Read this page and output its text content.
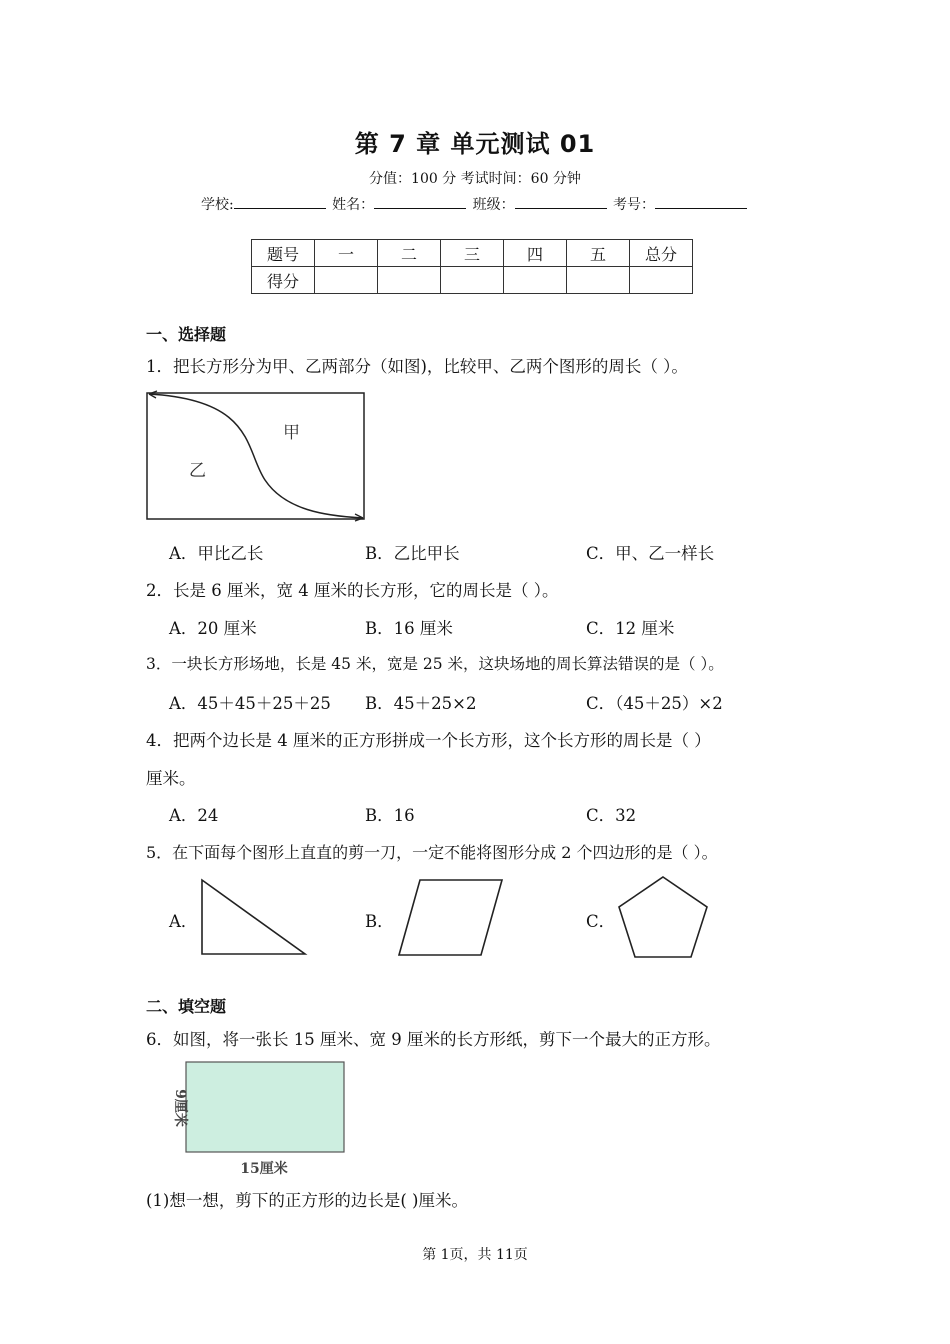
第 7 章 单元测试 01
分值：100 分 考试时间：60 分钟
学校:	姓名：	班级：	考号：
题号	一	二	三	四	五	总分
得分						
一、选择题
1．把长方形分为甲、乙两部分（如图)，比较甲、乙两个图形的周长（ ）。
甲
乙
A．甲比乙长	B．乙比甲长	C．甲、乙一样长
2．长是 6 厘米，宽 4 厘米的长方形，它的周长是（ ）。
A．20 厘米	B．16 厘米	C．12 厘米
3．一块长方形场地，长是 45 米，宽是 25 米，这块场地的周长算法错误的是（ ）。
A．45＋45＋25＋25 B．45＋25×2	C．（45＋25）×2
4．把两个边长是 4 厘米的正方形拼成一个长方形，这个长方形的周长是（ ）
厘米。
A．24	B．16	C．32
5．在下面每个图形上直直的剪一刀，一定不能将图形分成 2 个四边形的是（ ）。
A．	B．	C．
二、填空题
6．如图，将一张长 15 厘米、宽 9 厘米的长方形纸，剪下一个最大的正方形。
9厘米
15厘米
(1)想一想，剪下的正方形的边长是( )厘米。
第 1页，共 11页
